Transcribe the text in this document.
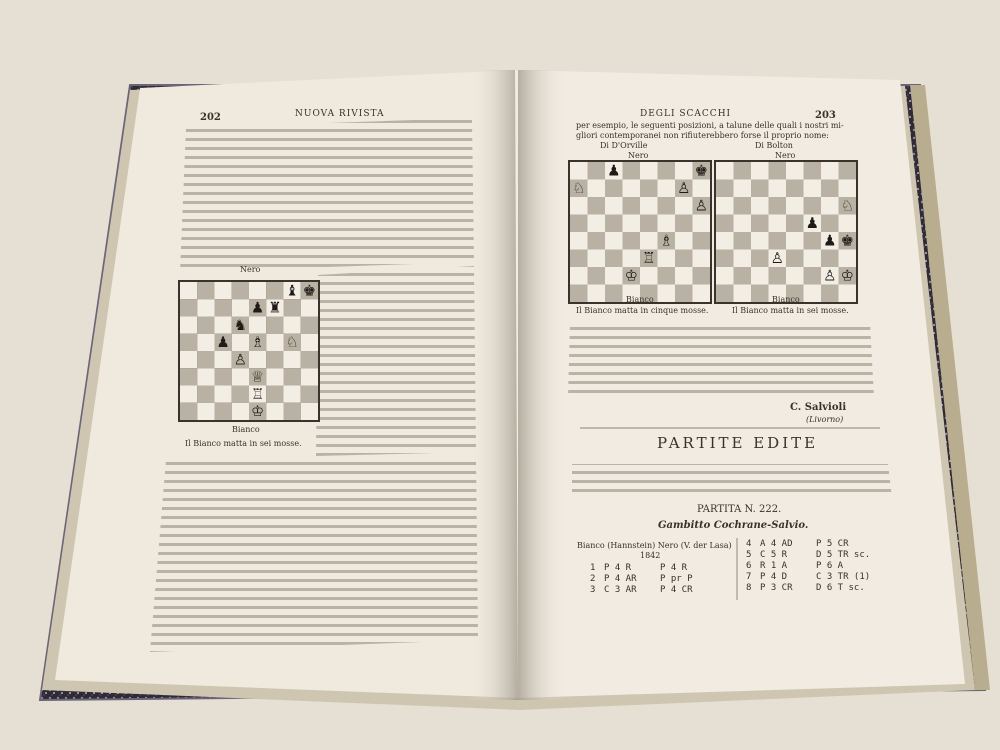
202	NUOVA RIVISTA
Nero
♚
♝
♟ ♜
♞
♟ ♗ ♘
♙
♕
♖
♔
Bianco
Il Bianco matta in sei mosse.
DEGLI SCACCHI	203
per esempio, le seguenti posizioni, a talune delle quali i nostri mi-
gliori contemporanei non rifiuterebbero forse il proprio nome:
Di D'Orville	Di Bolton
Nero	Nero
♟	♚
♘	♙
♙
♗
♖
♔
♘
♟
♟ ♚
♙
♙ ♔
Bianco	Bianco
Il Bianco matta in cinque mosse.	Il Bianco matta in sei mosse.
C. Salvioli
(Livorno)
PARTITE EDITE
PARTITA N. 222.
Gambitto Cochrane-Salvio.
Bianco (Hannstein) Nero (V. der Lasa)
1842
1 P 4 R	P 4 R
2 P 4 AR	P pr P
3 C 3 AR	P 4 CR
4 A 4 AD	P 5 CR
5 C 5 R	D 5 TR sc.
6 R 1 A	P 6 A
7 P 4 D	C 3 TR (1)
8 P 3 CR	D 6 T sc.
